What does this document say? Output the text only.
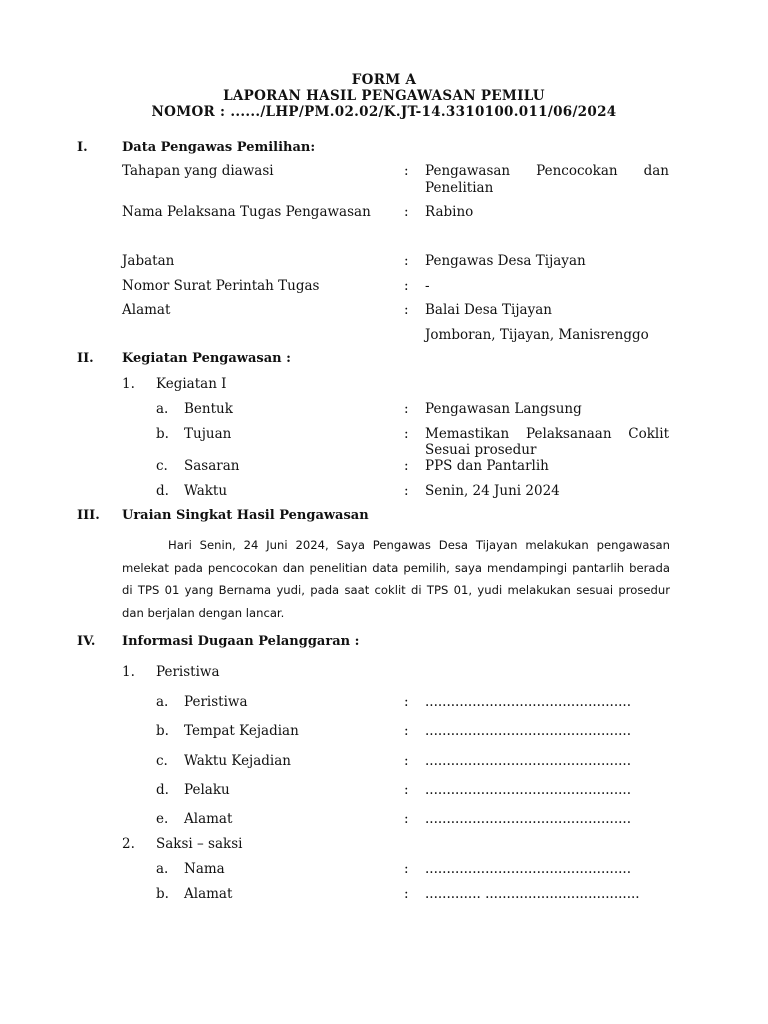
FORM A
LAPORAN HASIL PENGAWASAN PEMILU
NOMOR : ....../LHP/PM.02.02/K.JT-14.3310100.011/06/2024
I.	Data Pengawas Pemilihan:
Tahapan yang diawasi	: Pengawasan Pencocokan dan
Penelitian
Nama Pelaksana Tugas Pengawasan : Rabino
Jabatan	: Pengawas Desa Tijayan
Nomor Surat Perintah Tugas	: -
Alamat	: Balai Desa Tijayan
Jomboran, Tijayan, Manisrenggo
II. Kegiatan Pengawasan :
1. Kegiatan I
a. Bentuk	: Pengawasan Langsung
b. Tujuan	: Memastikan Pelaksanaan Coklit
Sesuai prosedur
c. Sasaran	: PPS dan Pantarlih
d. Waktu	: Senin, 24 Juni 2024
III. Uraian Singkat Hasil Pengawasan

Hari Senin, 24 Juni 2024, Saya Pengawas Desa Tijayan melakukan pengawasan melekat pada pencocokan dan penelitian data pemilih, saya mendampingi pantarlih berada di TPS 01 yang Bernama yudi, pada saat coklit di TPS 01, yudi melakukan sesuai prosedur dan berjalan dengan lancar.

IV. Informasi Dugaan Pelanggaran :
1. Peristiwa
a. Peristiwa	: ................................................
b. Tempat Kejadian	: ................................................
c. Waktu Kejadian	: ................................................
d. Pelaku	: ................................................
e. Alamat	: ................................................
2. Saksi – saksi
a. Nama	: ................................................
b. Alamat	: ............. ....................................
